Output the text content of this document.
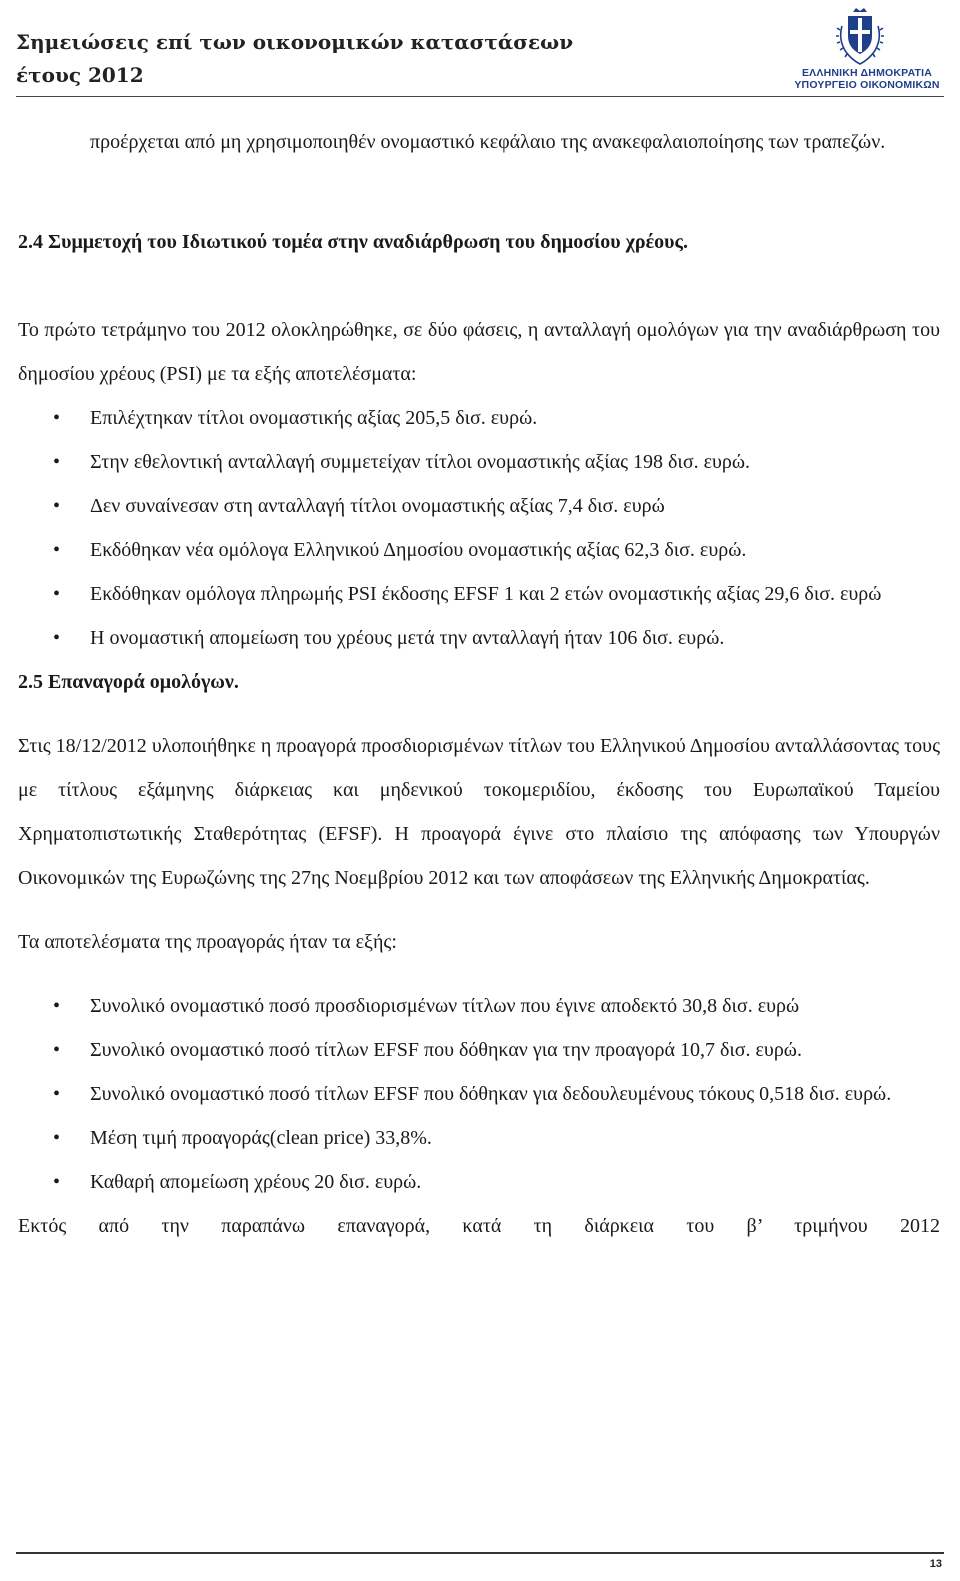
Σημειώσεις επί των οικονομικών καταστάσεων
έτους 2012	ΕΛΛΗΝΙΚΗ ΔΗΜΟΚΡΑΤΙΑ
ΥΠΟΥΡΓΕΙΟ ΟΙΚΟΝΟΜΙΚΩΝ

προέρχεται από μη χρησιμοποιηθέν ονομαστικό κεφάλαιο της ανακεφαλαιοποίησης των τραπεζών.

2.4 Συμμετοχή του Ιδιωτικού τομέα στην αναδιάρθρωση του δημοσίου χρέους.

Το πρώτο τετράμηνο του 2012 ολοκληρώθηκε, σε δύο φάσεις, η ανταλλαγή ομολόγων για την αναδιάρθρωση του δημοσίου χρέους (PSI) με τα εξής αποτελέσματα:

• Επιλέχτηκαν τίτλοι ονομαστικής αξίας 205,5 δισ. ευρώ.
• Στην εθελοντική ανταλλαγή συμμετείχαν τίτλοι ονομαστικής αξίας 198 δισ. ευρώ.
• Δεν συναίνεσαν στη ανταλλαγή τίτλοι ονομαστικής αξίας 7,4 δισ. ευρώ
• Εκδόθηκαν νέα ομόλογα Ελληνικού Δημοσίου ονομαστικής αξίας 62,3 δισ. ευρώ.
• Εκδόθηκαν ομόλογα πληρωμής PSI έκδοσης EFSF 1 και 2 ετών ονομαστικής αξίας 29,6 δισ. ευρώ
• Η ονομαστική απομείωση του χρέους μετά την ανταλλαγή ήταν 106 δισ. ευρώ.
2.5 Επαναγορά ομολόγων.

Στις 18/12/2012 υλοποιήθηκε η προαγορά προσδιορισμένων τίτλων του Ελληνικού Δημοσίου ανταλλάσοντας τους με τίτλους εξάμηνης διάρκειας και μηδενικού τοκομεριδίου, έκδοσης του Ευρωπαϊκού Ταμείου Χρηματοπιστωτικής Σταθερότητας (EFSF). Η προαγορά έγινε στο πλαίσιο της απόφασης των Υπουργών Οικονομικών της Ευρωζώνης της 27ης Νοεμβρίου 2012 και των αποφάσεων της Ελληνικής Δημοκρατίας.

Τα αποτελέσματα της προαγοράς ήταν τα εξής:

• Συνολικό ονομαστικό ποσό προσδιορισμένων τίτλων που έγινε αποδεκτό 30,8 δισ. ευρώ
• Συνολικό ονομαστικό ποσό τίτλων EFSF που δόθηκαν για την προαγορά 10,7 δισ. ευρώ.
• Συνολικό ονομαστικό ποσό τίτλων EFSF που δόθηκαν για δεδουλευμένους τόκους 0,518 δισ. ευρώ.
• Μέση τιμή προαγοράς(clean price) 33,8%.
• Καθαρή απομείωση χρέους 20 δισ. ευρώ.

Εκτός από την παραπάνω επαναγορά, κατά τη διάρκεια του β’ τριμήνου 2012

13
